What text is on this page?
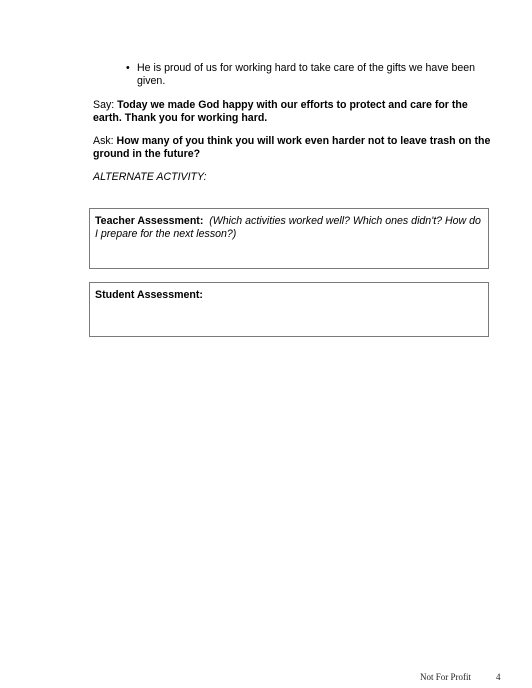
• He is proud of us for working hard to take care of the gifts we have been given.
Say: Today we made God happy with our efforts to protect and care for the earth. Thank you for working hard.
Ask: How many of you think you will work even harder not to leave trash on the ground in the future?
ALTERNATE ACTIVITY:
Teacher Assessment: (Which activities worked well? Which ones didn't? How do I prepare for the next lesson?)
Student Assessment:
Not For Profit	4
